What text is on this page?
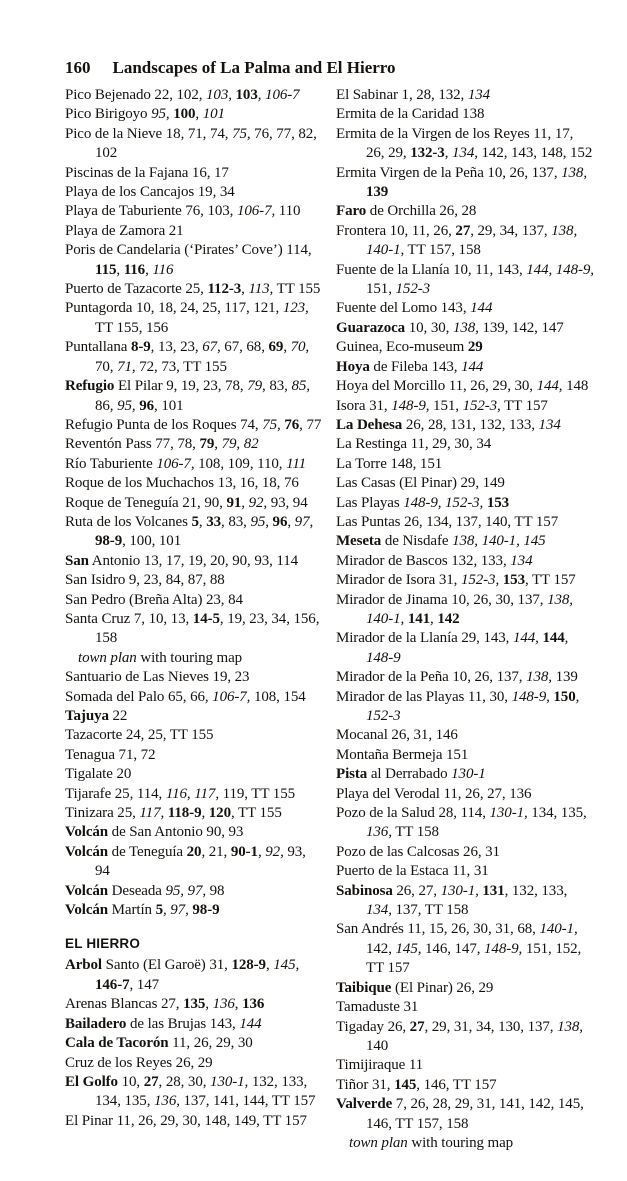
160 Landscapes of La Palma and El Hierro
Pico Bejenado 22, 102, 103, 103, 106-7
Pico Birigoyo 95, 100, 101
Pico de la Nieve 18, 71, 74, 75, 76, 77, 82, 102
Piscinas de la Fajana 16, 17
Playa de los Cancajos 19, 34
Playa de Taburiente 76, 103, 106-7, 110
Playa de Zamora 21
Poris de Candelaria (‘Pirates’ Cove’) 114, 115, 116, 116
Puerto de Tazacorte 25, 112-3, 113, TT 155
Puntagorda 10, 18, 24, 25, 117, 121, 123, TT 155, 156
Puntallana 8-9, 13, 23, 67, 67, 68, 69, 70, 70, 71, 72, 73, TT 155
Refugio El Pilar 9, 19, 23, 78, 79, 83, 85, 86, 95, 96, 101
Refugio Punta de los Roques 74, 75, 76, 77
Reventón Pass 77, 78, 79, 79, 82
Río Taburiente 106-7, 108, 109, 110, 111
Roque de los Muchachos 13, 16, 18, 76
Roque de Teneguía 21, 90, 91, 92, 93, 94
Ruta de los Volcanes 5, 33, 83, 95, 96, 97, 98-9, 100, 101
San Antonio 13, 17, 19, 20, 90, 93, 114
San Isidro 9, 23, 84, 87, 88
San Pedro (Breña Alta) 23, 84
Santa Cruz 7, 10, 13, 14-5, 19, 23, 34, 156, 158
town plan with touring map
Santuario de Las Nieves 19, 23
Somada del Palo 65, 66, 106-7, 108, 154
Tajuya 22
Tazacorte 24, 25, TT 155
Tenagua 71, 72
Tigalate 20
Tijarafe 25, 114, 116, 117, 119, TT 155
Tinizara 25, 117, 118-9, 120, TT 155
Volcán de San Antonio 90, 93
Volcán de Teneguía 20, 21, 90-1, 92, 93, 94
Volcán Deseada 95, 97, 98
Volcán Martín 5, 97, 98-9
EL HIERRO
Arbol Santo (El Garoë) 31, 128-9, 145, 146-7, 147
Arenas Blancas 27, 135, 136, 136
Bailadero de las Brujas 143, 144
Cala de Tacorón 11, 26, 29, 30
Cruz de los Reyes 26, 29
El Golfo 10, 27, 28, 30, 130-1, 132, 133, 134, 135, 136, 137, 141, 144, TT 157
El Pinar 11, 26, 29, 30, 148, 149, TT 157
El Sabinar 1, 28, 132, 134
Ermita de la Caridad 138
Ermita de la Virgen de los Reyes 11, 17, 26, 29, 132-3, 134, 142, 143, 148, 152
Ermita Virgen de la Peña 10, 26, 137, 138, 139
Faro de Orchilla 26, 28
Frontera 10, 11, 26, 27, 29, 34, 137, 138, 140-1, TT 157, 158
Fuente de la Llanía 10, 11, 143, 144, 148-9, 151, 152-3
Fuente del Lomo 143, 144
Guarazoca 10, 30, 138, 139, 142, 147
Guinea, Eco-museum 29
Hoya de Fileba 143, 144
Hoya del Morcillo 11, 26, 29, 30, 144, 148
Isora 31, 148-9, 151, 152-3, TT 157
La Dehesa 26, 28, 131, 132, 133, 134
La Restinga 11, 29, 30, 34
La Torre 148, 151
Las Casas (El Pinar) 29, 149
Las Playas 148-9, 152-3, 153
Las Puntas 26, 134, 137, 140, TT 157
Meseta de Nisdafe 138, 140-1, 145
Mirador de Bascos 132, 133, 134
Mirador de Isora 31, 152-3, 153, TT 157
Mirador de Jinama 10, 26, 30, 137, 138, 140-1, 141, 142
Mirador de la Llanía 29, 143, 144, 144, 148-9
Mirador de la Peña 10, 26, 137, 138, 139
Mirador de las Playas 11, 30, 148-9, 150, 152-3
Mocanal 26, 31, 146
Montaña Bermeja 151
Pista al Derrabado 130-1
Playa del Verodal 11, 26, 27, 136
Pozo de la Salud 28, 114, 130-1, 134, 135, 136, TT 158
Pozo de las Calcosas 26, 31
Puerto de la Estaca 11, 31
Sabinosa 26, 27, 130-1, 131, 132, 133, 134, 137, TT 158
San Andrés 11, 15, 26, 30, 31, 68, 140-1, 142, 145, 146, 147, 148-9, 151, 152, TT 157
Taibique (El Pinar) 26, 29
Tamaduste 31
Tigaday 26, 27, 29, 31, 34, 130, 137, 138, 140
Timijiraque 11
Tiñor 31, 145, 146, TT 157
Valverde 7, 26, 28, 29, 31, 141, 142, 145, 146, TT 157, 158
town plan with touring map
